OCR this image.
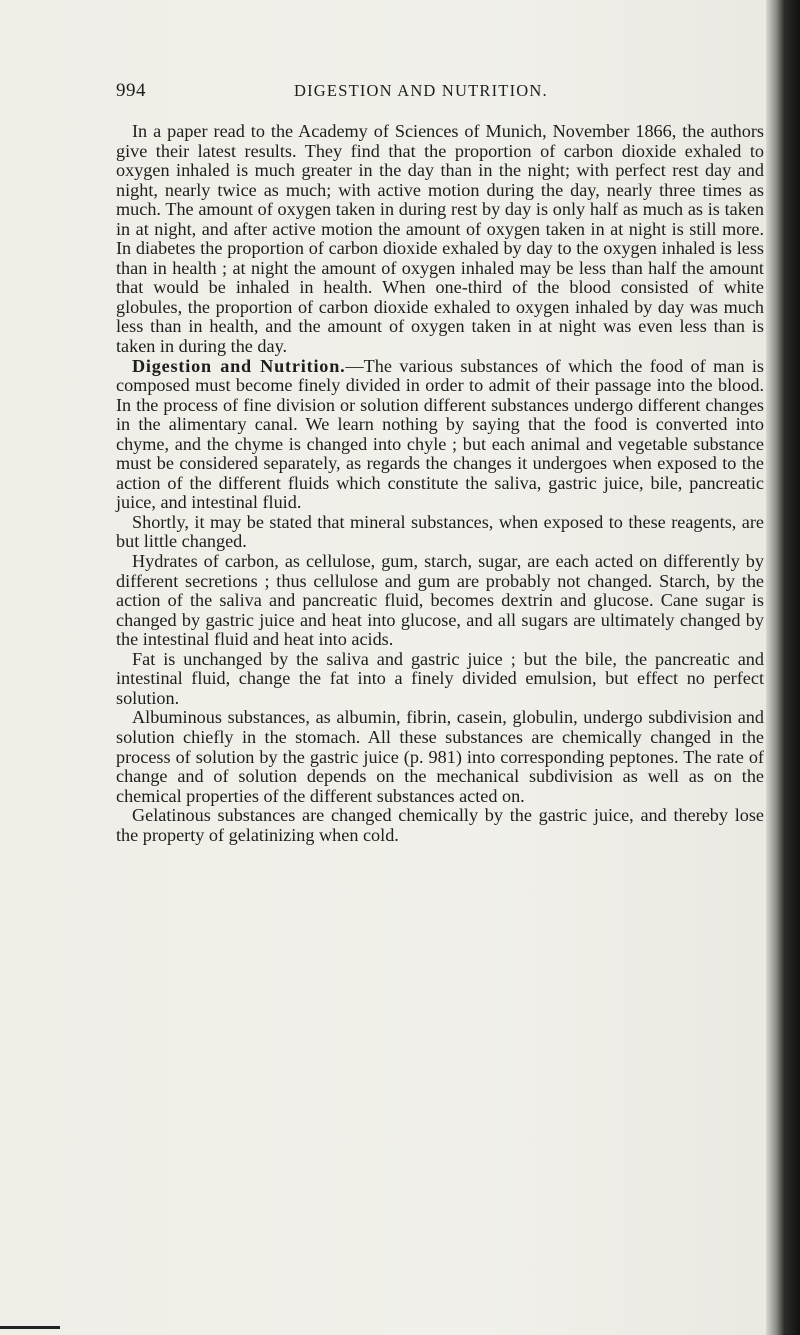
994	DIGESTION AND NUTRITION.

In a paper read to the Academy of Sciences of Munich, November 1866, the authors give their latest results. They find that the proportion of carbon dioxide exhaled to oxygen inhaled is much greater in the day than in the night; with perfect rest day and night, nearly twice as much; with active motion during the day, nearly three times as much. The amount of oxygen taken in during rest by day is only half as much as is taken in at night, and after active motion the amount of oxygen taken in at night is still more. In diabetes the proportion of carbon dioxide exhaled by day to the oxygen inhaled is less than in health ; at night the amount of oxygen inhaled may be less than half the amount that would be inhaled in health. When one-third of the blood consisted of white globules, the proportion of carbon dioxide exhaled to oxygen inhaled by day was much less than in health, and the amount of oxygen taken in at night was even less than is taken in during the day.

Digestion and Nutrition.—The various substances of which the food of man is composed must become finely divided in order to admit of their passage into the blood. In the process of fine division or solution different substances undergo different changes in the alimentary canal. We learn nothing by saying that the food is converted into chyme, and the chyme is changed into chyle ; but each animal and vegetable substance must be considered separately, as regards the changes it undergoes when exposed to the action of the different fluids which constitute the saliva, gastric juice, bile, pancreatic juice, and intestinal fluid.

Shortly, it may be stated that mineral substances, when exposed to these reagents, are but little changed.

Hydrates of carbon, as cellulose, gum, starch, sugar, are each acted on differently by different secretions ; thus cellulose and gum are probably not changed. Starch, by the action of the saliva and pancreatic fluid, becomes dextrin and glucose. Cane sugar is changed by gastric juice and heat into glucose, and all sugars are ultimately changed by the intestinal fluid and heat into acids.

Fat is unchanged by the saliva and gastric juice ; but the bile, the pancreatic and intestinal fluid, change the fat into a finely divided emulsion, but effect no perfect solution.

Albuminous substances, as albumin, fibrin, casein, globulin, undergo subdivision and solution chiefly in the stomach. All these substances are chemically changed in the process of solution by the gastric juice (p. 981) into corresponding peptones. The rate of change and of solution depends on the mechanical subdivision as well as on the chemical properties of the different substances acted on.

Gelatinous substances are changed chemically by the gastric juice, and thereby lose the property of gelatinizing when cold.
